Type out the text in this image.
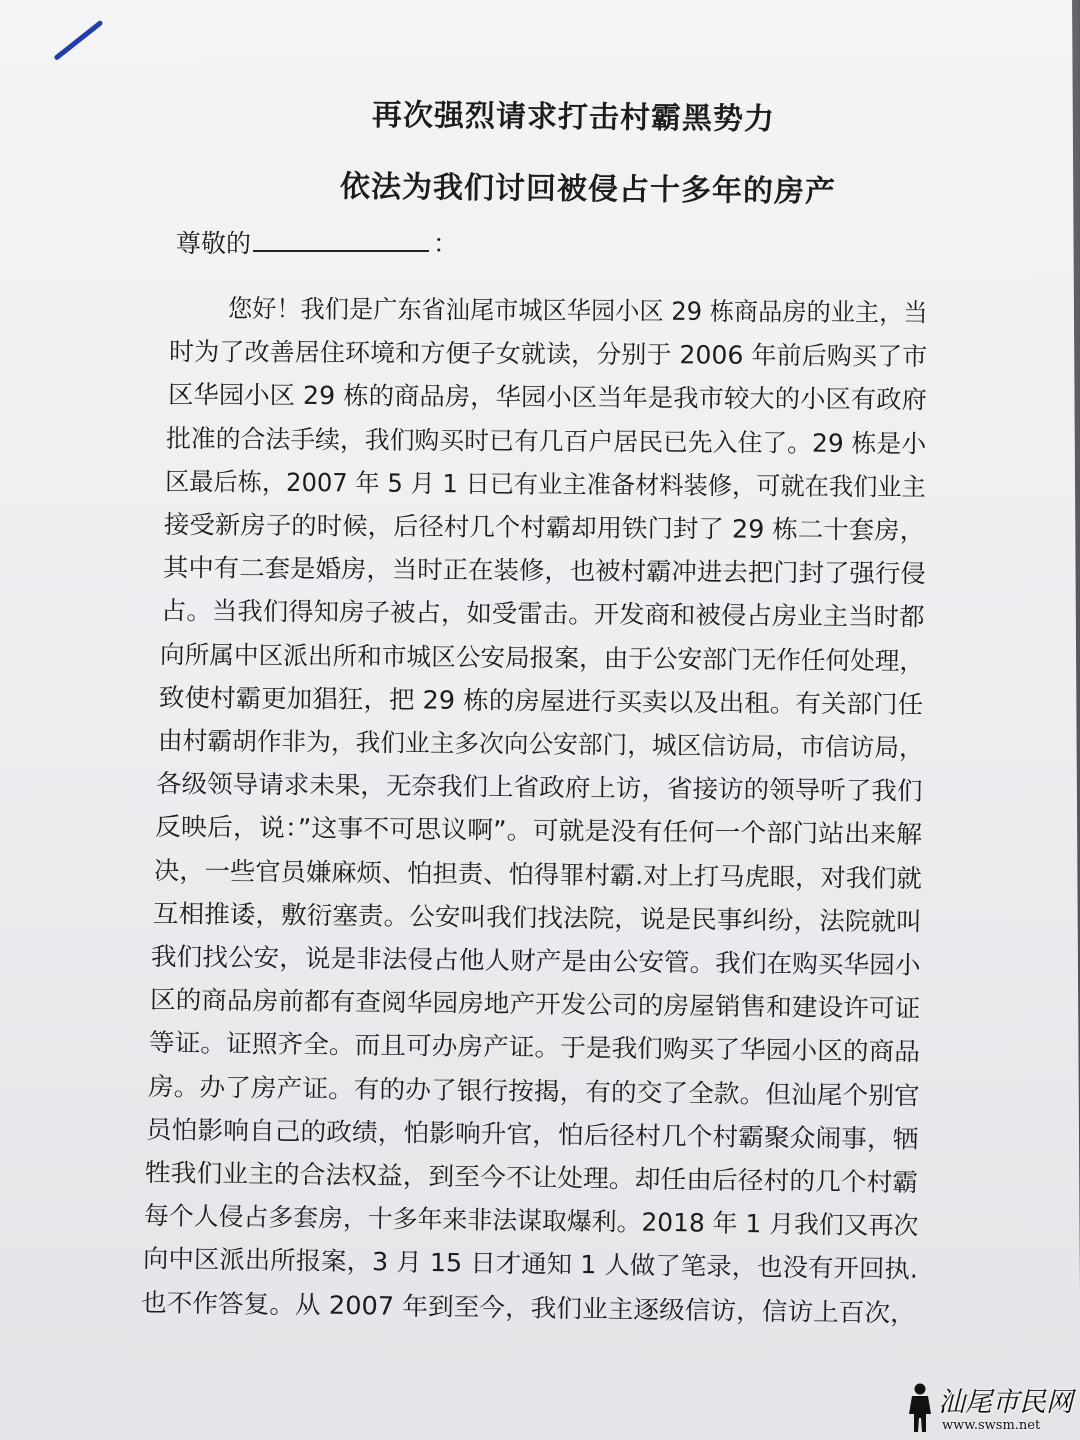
再次强烈请求打击村霸黑势力
依法为我们讨回被侵占十多年的房产
尊敬的	：
您好！我们是广东省汕尾市城区华园小区 29 栋商品房的业主，当
时为了改善居住环境和方便子女就读，分别于 2006 年前后购买了市
区华园小区 29 栋的商品房，华园小区当年是我市较大的小区有政府
批准的合法手续，我们购买时已有几百户居民已先入住了。29 栋是小
区最后栋，2007 年 5 月 1 日已有业主准备材料装修，可就在我们业主
接受新房子的时候，后径村几个村霸却用铁门封了 29 栋二十套房，
其中有二套是婚房，当时正在装修，也被村霸冲进去把门封了强行侵
占。当我们得知房子被占，如受雷击。开发商和被侵占房业主当时都
向所属中区派出所和市城区公安局报案，由于公安部门无作任何处理，
致使村霸更加猖狂，把 29 栋的房屋进行买卖以及出租。有关部门任
由村霸胡作非为，我们业主多次向公安部门，城区信访局，市信访局，
各级领导请求未果，无奈我们上省政府上访，省接访的领导听了我们
反映后，说：”这事不可思议啊”。可就是没有任何一个部门站出来解
决，一些官员嫌麻烦、怕担责、怕得罪村霸.对上打马虎眼，对我们就
互相推诿，敷衍塞责。公安叫我们找法院，说是民事纠纷，法院就叫
我们找公安，说是非法侵占他人财产是由公安管。我们在购买华园小
区的商品房前都有查阅华园房地产开发公司的房屋销售和建设许可证
等证。证照齐全。而且可办房产证。于是我们购买了华园小区的商品
房。办了房产证。有的办了银行按揭，有的交了全款。但汕尾个别官
员怕影响自己的政绩，怕影响升官，怕后径村几个村霸聚众闹事，牺
牲我们业主的合法权益，到至今不让处理。却任由后径村的几个村霸
每个人侵占多套房，十多年来非法谋取爆利。2018 年 1 月我们又再次
向中区派出所报案，3 月 15 日才通知 1 人做了笔录，也没有开回执.
也不作答复。从 2007 年到至今，我们业主逐级信访，信访上百次，
汕尾市民网
www.swsm.net
